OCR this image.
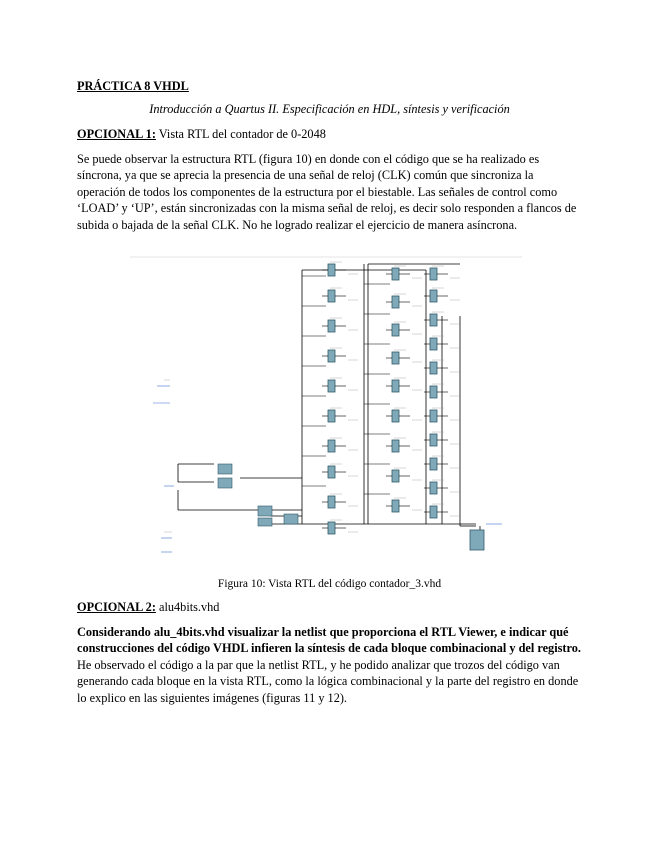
PRÁCTICA 8 VHDL
Introducción a Quartus II. Especificación en HDL, síntesis y verificación
OPCIONAL 1: Vista RTL del contador de 0-2048
Se puede observar la estructura RTL (figura 10) en donde con el código que se ha realizado es síncrona, ya que se aprecia la presencia de una señal de reloj (CLK) común que sincroniza la operación de todos los componentes de la estructura por el biestable. Las señales de control como ‘LOAD’ y ‘UP’, están sincronizadas con la misma señal de reloj, es decir solo responden a flancos de subida o bajada de la señal CLK. No he logrado realizar el ejercicio de manera asíncrona.
Figura 10: Vista RTL del código contador_3.vhd
OPCIONAL 2: alu4bits.vhd
Considerando alu_4bits.vhd visualizar la netlist que proporciona el RTL Viewer, e indicar qué construcciones del código VHDL infieren la síntesis de cada bloque combinacional y del registro. He observado el código a la par que la netlist RTL, y he podido analizar que trozos del código van generando cada bloque en la vista RTL, como la lógica combinacional y la parte del registro en donde lo explico en las siguientes imágenes (figuras 11 y 12).
